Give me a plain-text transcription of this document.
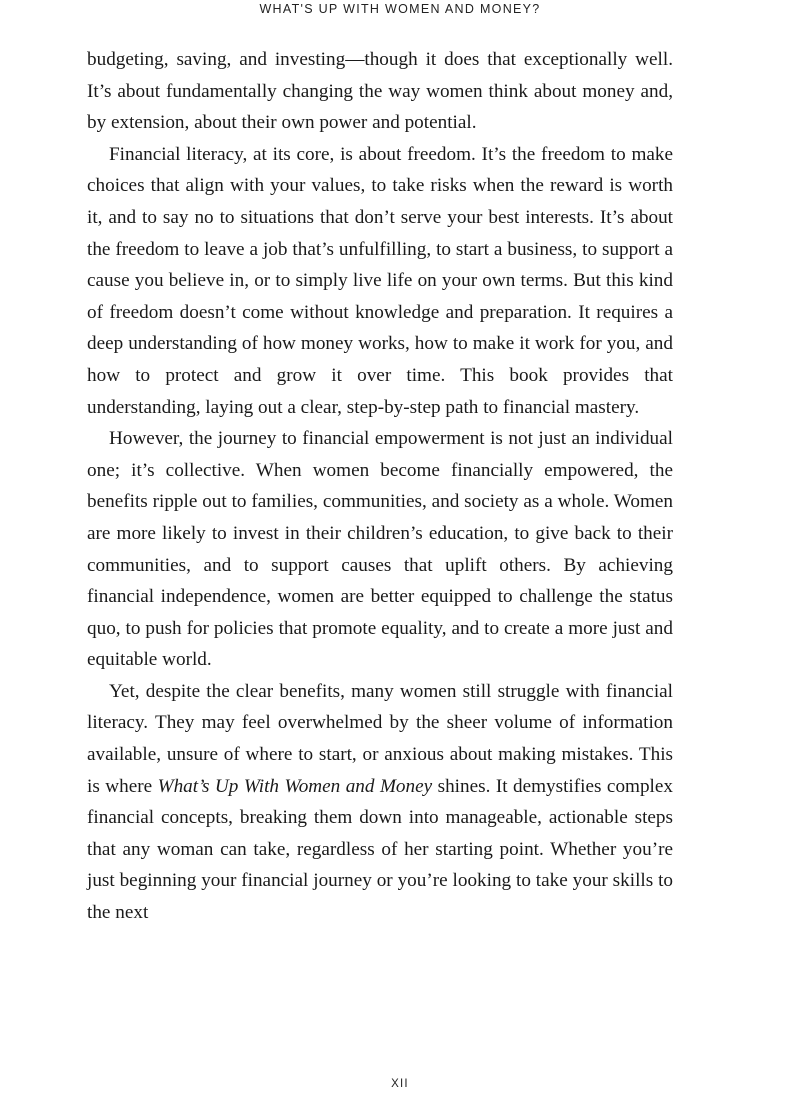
WHAT'S UP WITH WOMEN AND MONEY?

budgeting, saving, and investing—though it does that exceptionally well. It’s about fundamentally changing the way women think about money and, by extension, about their own power and potential.

Financial literacy, at its core, is about freedom. It’s the freedom to make choices that align with your values, to take risks when the reward is worth it, and to say no to situations that don’t serve your best interests. It’s about the freedom to leave a job that’s unfulfilling, to start a business, to support a cause you believe in, or to simply live life on your own terms. But this kind of freedom doesn’t come without knowledge and preparation. It requires a deep understanding of how money works, how to make it work for you, and how to protect and grow it over time. This book provides that understanding, laying out a clear, step-by-step path to financial mastery.

However, the journey to financial empowerment is not just an individual one; it’s collective. When women become financially empowered, the benefits ripple out to families, communities, and society as a whole. Women are more likely to invest in their children’s education, to give back to their communities, and to support causes that uplift others. By achieving financial independence, women are better equipped to challenge the status quo, to push for policies that promote equality, and to create a more just and equitable world.

Yet, despite the clear benefits, many women still struggle with financial literacy. They may feel overwhelmed by the sheer volume of information available, unsure of where to start, or anxious about making mistakes. This is where What’s Up With Women and Money shines. It demystifies complex financial concepts, breaking them down into manageable, actionable steps that any woman can take, regardless of her starting point. Whether you’re just beginning your financial journey or you’re looking to take your skills to the next

XII
